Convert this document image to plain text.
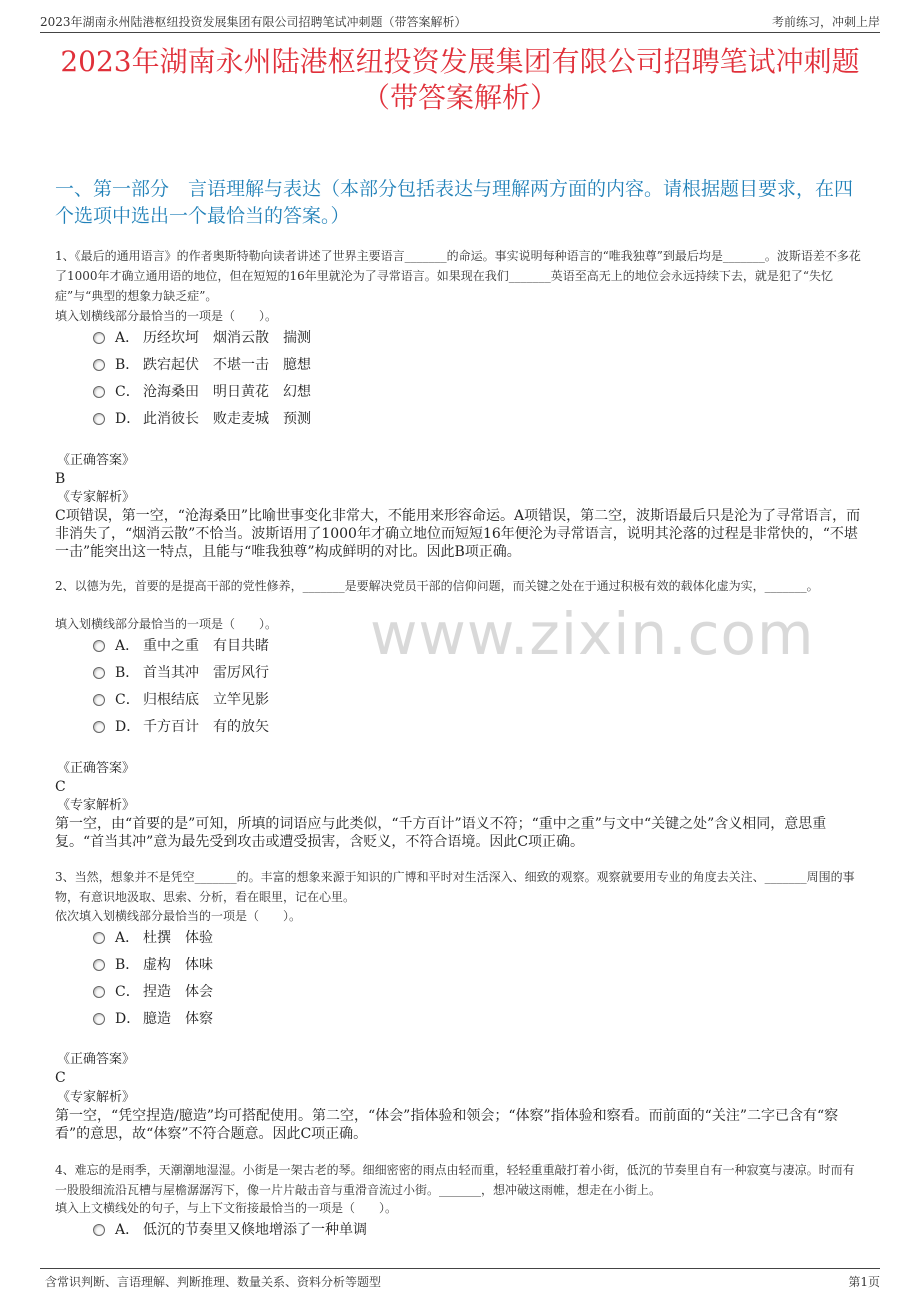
2023年湖南永州陆港枢纽投资发展集团有限公司招聘笔试冲刺题（带答案解析）	考前练习，冲刺上岸
2023年湖南永州陆港枢纽投资发展集团有限公司招聘笔试冲刺题（带答案解析）
一、第一部分　言语理解与表达（本部分包括表达与理解两方面的内容。请根据题目要求，在四个选项中选出一个最恰当的答案。）
www.zixin.com
1、《最后的通用语言》的作者奥斯特勒向读者讲述了世界主要语言_______的命运。事实说明每种语言的“唯我独尊”到最后均是_______。波斯语差不多花了1000年才确立通用语的地位，但在短短的16年里就沦为了寻常语言。如果现在我们_______英语至高无上的地位会永远持续下去，就是犯了“失忆症”与“典型的想象力缺乏症”。
填入划横线部分最恰当的一项是（　　）。
A． 历经坎坷 烟消云散 揣测
B． 跌宕起伏 不堪一击 臆想
C． 沧海桑田 明日黄花 幻想
D． 此消彼长 败走麦城 预测
《正确答案》
B
《专家解析》
C项错误，第一空，“沧海桑田”比喻世事变化非常大，不能用来形容命运。A项错误，第二空，波斯语最后只是沦为了寻常语言，而非消失了，“烟消云散”不恰当。波斯语用了1000年才确立地位而短短16年便沦为寻常语言，说明其沦落的过程是非常快的，“不堪一击”能突出这一特点，且能与“唯我独尊”构成鲜明的对比。因此B项正确。
2、以德为先，首要的是提高干部的党性修养，_______是要解决党员干部的信仰问题，而关键之处在于通过积极有效的载体化虚为实，_______。
填入划横线部分最恰当的一项是（　　）。
A． 重中之重 有目共睹
B． 首当其冲 雷厉风行
C． 归根结底 立竿见影
D． 千方百计 有的放矢
《正确答案》
C
《专家解析》
第一空，由“首要的是”可知，所填的词语应与此类似，“千方百计”语义不符；“重中之重”与文中“关键之处”含义相同，意思重复。“首当其冲”意为最先受到攻击或遭受损害，含贬义，不符合语境。因此C项正确。
3、当然，想象并不是凭空_______的。丰富的想象来源于知识的广博和平时对生活深入、细致的观察。观察就要用专业的角度去关注、_______周围的事物，有意识地汲取、思索、分析，看在眼里，记在心里。
依次填入划横线部分最恰当的一项是（　　）。
A． 杜撰 体验
B． 虚构 体味
C． 捏造 体会
D． 臆造 体察
《正确答案》
C
《专家解析》
第一空，“凭空捏造/臆造”均可搭配使用。第二空，“体会”指体验和领会；“体察”指体验和察看。而前面的“关注”二字已含有“察看”的意思，故“体察”不符合题意。因此C项正确。
4、难忘的是雨季，天潮潮地湿湿。小街是一架古老的琴。细细密密的雨点由轻而重，轻轻重重敲打着小街，低沉的节奏里自有一种寂寞与凄凉。时而有一股股细流沿瓦槽与屋檐潺潺泻下，像一片片敲击音与重滑音流过小街。_______，想冲破这雨帷，想走在小街上。
填入上文横线处的句子，与上下文衔接最恰当的一项是（　　）。
A． 低沉的节奏里又倏地增添了一种单调
含常识判断、言语理解、判断推理、数量关系、资料分析等题型	第1页
